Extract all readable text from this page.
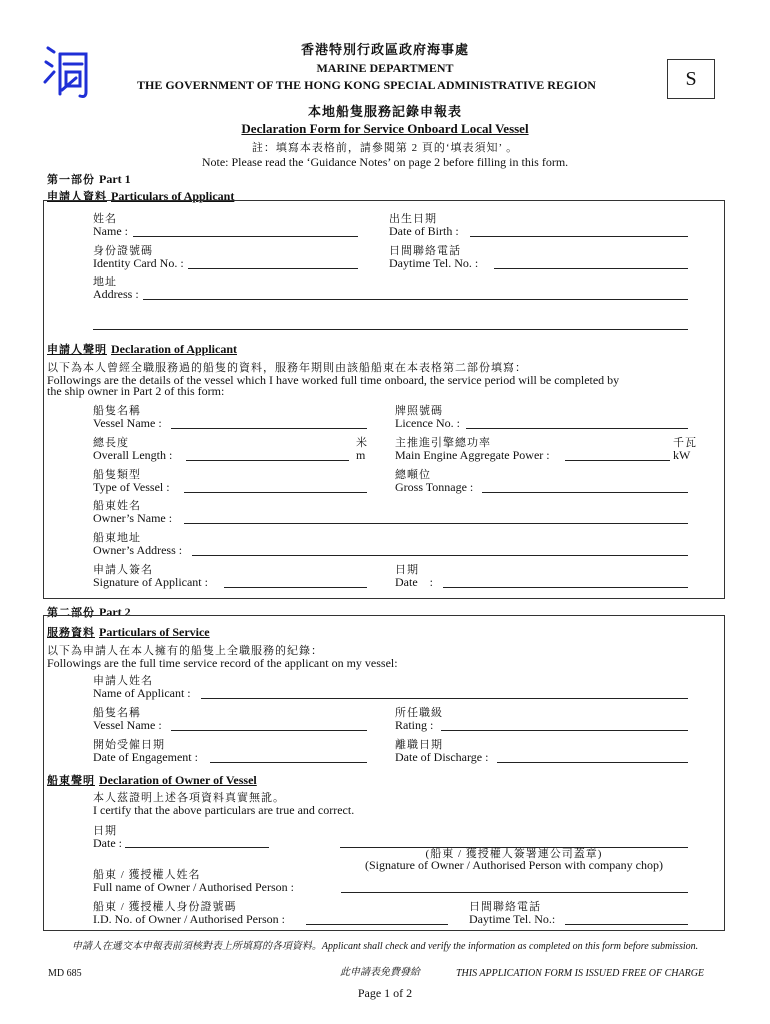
香港特別行政區政府海事處
MARINE DEPARTMENT
THE GOVERNMENT OF THE HONG KONG SPECIAL ADMINISTRATIVE REGION	S
本地船隻服務記錄申報表
Declaration Form for Service Onboard Local Vessel
註：填寫本表格前，請參閱第 2 頁的‘填表須知’ 。
Note: Please read the ‘Guidance Notes’ on page 2 before filling in this form.
第一部份 Part 1
申請人資料 Particulars of Applicant
姓名
Name :
出生日期
Date of Birth :
身份證號碼
Identity Card No. :
日間聯絡電話
Daytime Tel. No. :
地址
Address :
申請人聲明 Declaration of Applicant
以下為本人曾經全職服務過的船隻的資料，服務年期則由該船船東在本表格第二部份填寫：
Followings are the details of the vessel which I have worked full time onboard, the service period will be completed by
the ship owner in Part 2 of this form:
船隻名稱
Vessel Name :
牌照號碼
Licence No. :
總長度
Overall Length :
米
m
主推進引擎總功率
Main Engine Aggregate Power :
千瓦
kW
船隻類型
Type of Vessel :
總噸位
Gross Tonnage :
船東姓名
Owner’s Name :
船東地址
Owner’s Address :
申請人簽名
Signature of Applicant :
日期
Date    :
第二部份 Part 2
服務資料 Particulars of Service
以下為申請人在本人擁有的船隻上全職服務的紀錄：
Followings are the full time service record of the applicant on my vessel:
申請人姓名
Name of Applicant :
船隻名稱
Vessel Name :
所任職級
Rating :
開始受僱日期
Date of Engagement :
離職日期
Date of Discharge :
船東聲明 Declaration of Owner of Vessel
本人茲證明上述各項資料真實無訛。
I certify that the above particulars are true and correct.
日期
Date :
(船東 / 獲授權人簽署連公司蓋章)
(Signature of Owner / Authorised Person with company chop)
船東 / 獲授權人姓名
Full name of Owner / Authorised Person :
船東 / 獲授權人身份證號碼
I.D. No. of Owner / Authorised Person :
日間聯絡電話
Daytime Tel. No.:
申請人在遞交本申報表前須核對表上所填寫的各項資料。Applicant shall check and verify the information as completed on this form before submission.
MD 685	此申請表免費發給	THIS APPLICATION FORM IS ISSUED FREE OF CHARGE
Page 1 of 2
